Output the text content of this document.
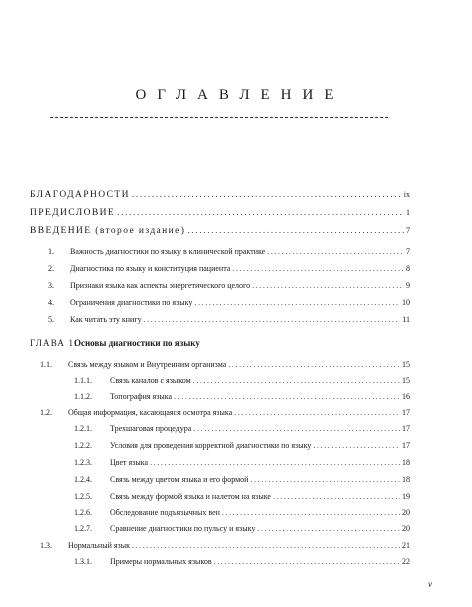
ОГЛАВЛЕНИЕ
БЛАГОДАРНОСТИ .....	ix
ПРЕДИСЛОВИЕ .....	1
ВВЕДЕНИЕ (второе издание) .....	7
1.	Важность диагностики по языку в клинической практике .....	7
2.	Диагностика по языку и конституция пациента .....	8
3.	Признаки языка как аспекты энергетического целого .....	9
4.	Ограничения диагностики по языку .....	10
5.	Как читать эту книгу .....	11
ГЛАВА 1.
Основы диагностики по языку
1.1.	Связь между языком и Внутренним организма .....	15
1.1.1.	Связь каналов с языком .....	15
1.1.2.	Топография языка .....	16
1.2.	Общая информация, касающаяся осмотра языка .....	17
1.2.1.	Трехшаговая процедура .....	17
1.2.2.	Условия для проведения корректной диагностики по языку .....	17
1.2.3.	Цвет языка .....	18
1.2.4.	Связь между цветом языка и его формой .....	18
1.2.5.	Связь между формой языка и налетом на языке .....	19
1.2.6.	Обследование подъязычных вен .....	20
1.2.7.	Сравнение диагностики по пульсу и языку .....	20
1.3.	Нормальный язык .....	21
1.3.1.	Примеры нормальных языков .....	22
v
